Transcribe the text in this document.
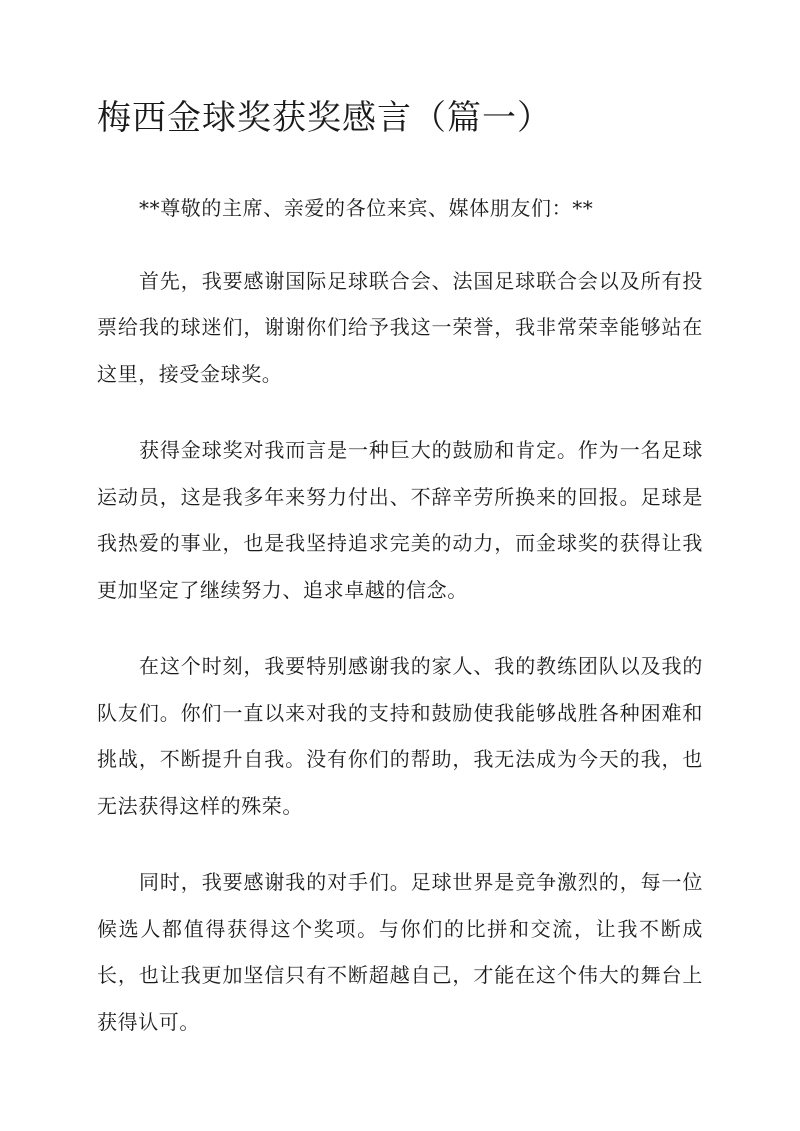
梅西金球奖获奖感言（篇一）

**尊敬的主席、亲爱的各位来宾、媒体朋友们：**

首先，我要感谢国际足球联合会、法国足球联合会以及所有投票给我的球迷们，谢谢你们给予我这一荣誉，我非常荣幸能够站在这里，接受金球奖。

获得金球奖对我而言是一种巨大的鼓励和肯定。作为一名足球运动员，这是我多年来努力付出、不辞辛劳所换来的回报。足球是我热爱的事业，也是我坚持追求完美的动力，而金球奖的获得让我更加坚定了继续努力、追求卓越的信念。

在这个时刻，我要特别感谢我的家人、我的教练团队以及我的队友们。你们一直以来对我的支持和鼓励使我能够战胜各种困难和挑战，不断提升自我。没有你们的帮助，我无法成为今天的我，也无法获得这样的殊荣。

同时，我要感谢我的对手们。足球世界是竞争激烈的，每一位候选人都值得获得这个奖项。与你们的比拼和交流，让我不断成长，也让我更加坚信只有不断超越自己，才能在这个伟大的舞台上获得认可。
